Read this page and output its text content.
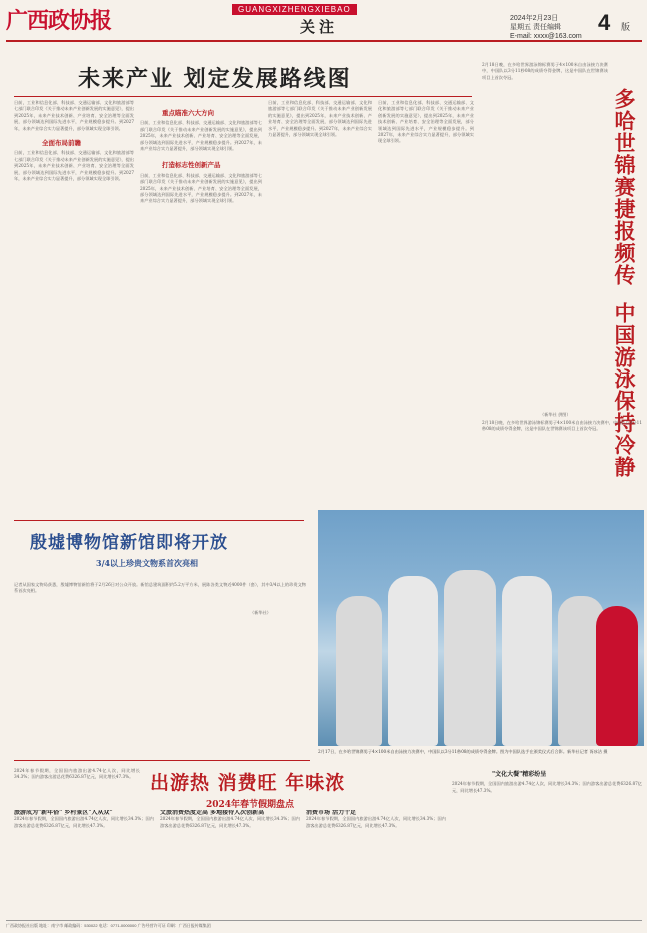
广西政协报	GUANGXIZHENGXIEBAO
关注	2024年2月23日
星期五 责任编辑
E-mail: xxxx@163.com
4 版
未来产业 划定发展路线图
日前，工业和信息化部、科技部、交通运输部、文化和旅游部等七部门联合印发《关于推动未来产业创新发展的实施意见》，提出到2025年，未来产业技术创新、产业培育、安全治理等全面发展，部分领域达到国际先进水平，产业规模稳步提升。到2027年，未来产业综合实力显著提升，部分领域实现全球引领。
全面布局前瞻
日前，工业和信息化部、科技部、交通运输部、文化和旅游部等七部门联合印发《关于推动未来产业创新发展的实施意见》，提出到2025年，未来产业技术创新、产业培育、安全治理等全面发展，部分领域达到国际先进水平，产业规模稳步提升。到2027年，未来产业综合实力显著提升，部分领域实现全球引领。
重点瞄准六大方向
日前，工业和信息化部、科技部、交通运输部、文化和旅游部等七部门联合印发《关于推动未来产业创新发展的实施意见》，提出到2025年，未来产业技术创新、产业培育、安全治理等全面发展，部分领域达到国际先进水平，产业规模稳步提升。到2027年，未来产业综合实力显著提升，部分领域实现全球引领。
打造标志性创新产品
日前，工业和信息化部、科技部、交通运输部、文化和旅游部等七部门联合印发《关于推动未来产业创新发展的实施意见》，提出到2025年，未来产业技术创新、产业培育、安全治理等全面发展，部分领域达到国际先进水平，产业规模稳步提升。到2027年，未来产业综合实力显著提升，部分领域实现全球引领。
日前，工业和信息化部、科技部、交通运输部、文化和旅游部等七部门联合印发《关于推动未来产业创新发展的实施意见》，提出到2025年，未来产业技术创新、产业培育、安全治理等全面发展，部分领域达到国际先进水平，产业规模稳步提升。到2027年，未来产业综合实力显著提升，部分领域实现全球引领。
日前，工业和信息化部、科技部、交通运输部、文化和旅游部等七部门联合印发《关于推动未来产业创新发展的实施意见》，提出到2025年，未来产业技术创新、产业培育、安全治理等全面发展，部分领域达到国际先进水平，产业规模稳步提升。到2027年，未来产业综合实力显著提升，部分领域实现全球引领。
2月18日晚，在多哈世界游泳锦标赛男子4×100米自由泳接力决赛中，中国队以3分11秒08的成绩夺得金牌，这是中国队在世锦赛该项目上首次夺冠。
多哈世锦赛捷报频传
中国游泳保持冷静
（新华社 供图）
2月18日晚，在多哈世界游泳锦标赛男子4×100米自由泳接力决赛中，中国队以3分11秒08的成绩夺得金牌，这是中国队在世锦赛该项目上首次夺冠。
殷墟博物馆新馆即将开放
3/4以上珍贵文物系首次亮相
记者从国家文物局获悉，殷墟博物馆新馆将于2月26日对公众开放。新馆总建筑面积约5.2万平方米，展陈各类文物近4000件（套），其中3/4以上的珍贵文物系首次亮相。
（新华社）
2月17日，在多哈世锦赛男子4×100米自由泳接力决赛中，中国队以3分11秒08的成绩夺得金牌。图为中国队选手在颁奖仪式后合影。新华社记者 胥冰洁 摄
出游热 消费旺 年味浓
2024年春节假期盘点
2024年春节假期，全国国内旅游出游4.74亿人次，同比增长34.3%；国内游客出游总花费6326.87亿元，同比增长47.3%。
旅游成为"新年俗" 乡村景区"人从众"
2024年春节假期，全国国内旅游出游4.74亿人次，同比增长34.3%；国内游客出游总花费6326.87亿元，同比增长47.3%。
文旅消费热度走高 多地接待人次创新高
2024年春节假期，全国国内旅游出游4.74亿人次，同比增长34.3%；国内游客出游总花费6326.87亿元，同比增长47.3%。
消费市场 活力十足
2024年春节假期，全国国内旅游出游4.74亿人次，同比增长34.3%；国内游客出游总花费6326.87亿元，同比增长47.3%。
"文化大餐"精彩纷呈
2024年春节假期，全国国内旅游出游4.74亿人次，同比增长34.3%；国内游客出游总花费6326.87亿元，同比增长47.3%。
广西政协报社出版 地址：南宁市 邮政编码：530022 电话：0771-0000000 广告经营许可证 印刷：广西日报传媒集团
